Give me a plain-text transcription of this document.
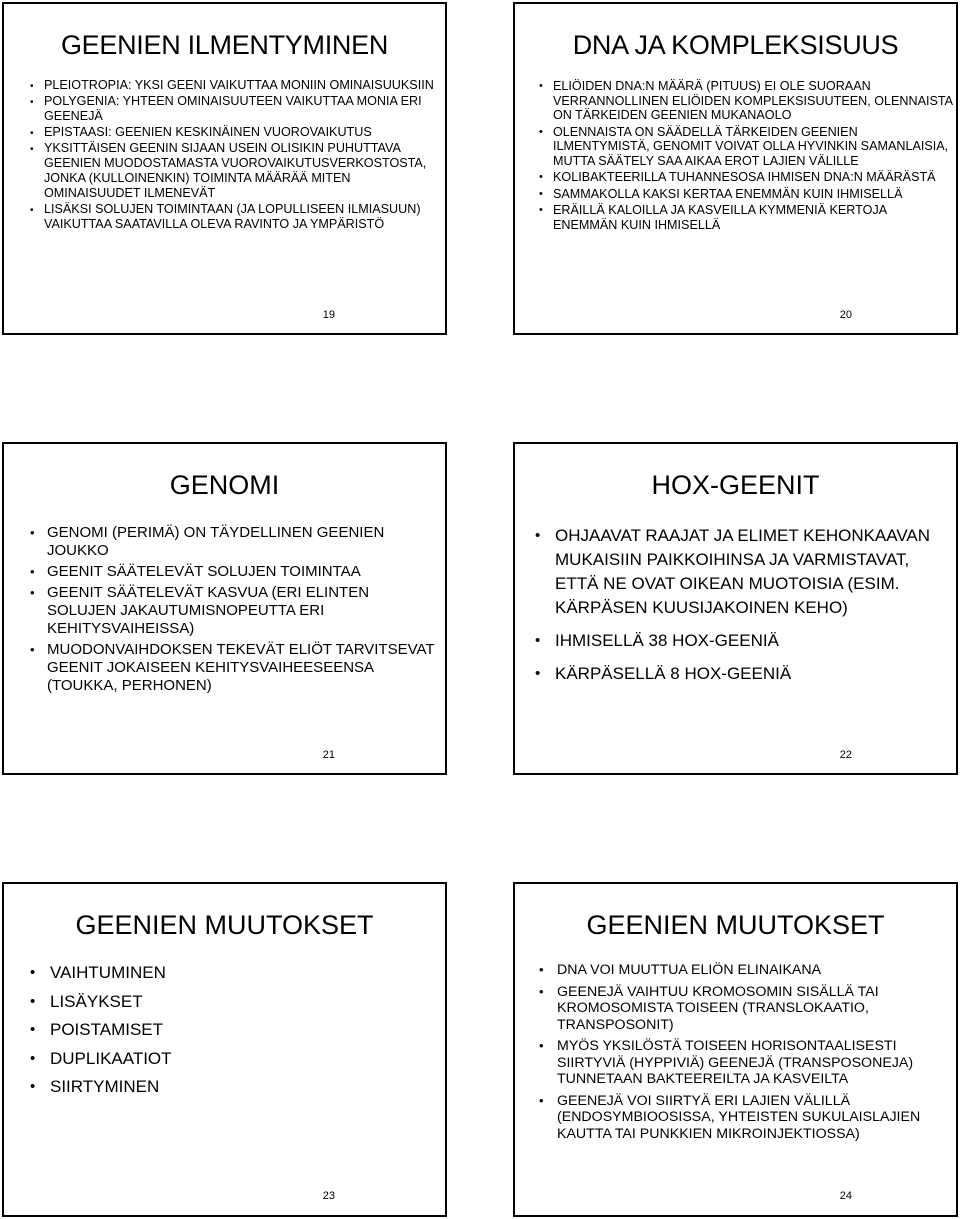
GEENIEN ILMENTYMINEN
• PLEIOTROPIA: YKSI GEENI VAIKUTTAA MONIIN OMINAISUUKSIIN
• POLYGENIA: YHTEEN OMINAISUUTEEN VAIKUTTAA MONIA ERI GEENEJÄ
• EPISTAASI: GEENIEN KESKINÄINEN VUOROVAIKUTUS
• YKSITTÄISEN GEENIN SIJAAN USEIN OLISIKIN PUHUTTAVA GEENIEN MUODOSTAMASTA VUOROVAIKUTUSVERKOSTOSTA, JONKA (KULLOINENKIN) TOIMINTA MÄÄRÄÄ MITEN OMINAISUUDET ILMENEVÄT
• LISÄKSI SOLUJEN TOIMINTAAN (JA LOPULLISEEN ILMIASUUN) VAIKUTTAA SAATAVILLA OLEVA RAVINTO JA YMPÄRISTÖ
19
DNA JA KOMPLEKSISUUS
• ELIÖIDEN DNA:N MÄÄRÄ (PITUUS) EI OLE SUORAAN VERRANNOLLINEN ELIÖIDEN KOMPLEKSISUUTEEN, OLENNAISTA ON TÄRKEIDEN GEENIEN MUKANAOLO
• OLENNAISTA ON SÄÄDELLÄ TÄRKEIDEN GEENIEN ILMENTYMISTÄ, GENOMIT VOIVAT OLLA HYVINKIN SAMANLAISIA, MUTTA SÄÄTELY SAA AIKAA EROT LAJIEN VÄLILLE
• KOLIBAKTEERILLA TUHANNESOSA IHMISEN DNA:N MÄÄRÄSTÄ
• SAMMAKOLLA KAKSI KERTAA ENEMMÄN KUIN IHMISELLÄ
• ERÄILLÄ KALOILLA JA KASVEILLA KYMMENIÄ KERTOJA ENEMMÄN KUIN IHMISELLÄ
20
GENOMI
• GENOMI (PERIMÄ) ON TÄYDELLINEN GEENIEN JOUKKO
• GEENIT SÄÄTELEVÄT SOLUJEN TOIMINTAA
• GEENIT SÄÄTELEVÄT KASVUA (ERI ELINTEN SOLUJEN JAKAUTUMISNOPEUTTA ERI KEHITYSVAIHEISSA)
• MUODONVAIHDOKSEN TEKEVÄT ELIÖT TARVITSEVAT GEENIT JOKAISEEN KEHITYSVAIHEESEENSA (TOUKKA, PERHONEN)
21
HOX-GEENIT
• OHJAAVAT RAAJAT JA ELIMET KEHONKAAVAN MUKAISIIN PAIKKOIHINSA JA VARMISTAVAT, ETTÄ NE OVAT OIKEAN MUOTOISIA (ESIM. KÄRPÄSEN KUUSIJAKOINEN KEHO)
• IHMISELLÄ 38 HOX-GEENIÄ
• KÄRPÄSELLÄ 8 HOX-GEENIÄ
22
GEENIEN MUUTOKSET
• VAIHTUMINEN
• LISÄYKSET
• POISTAMISET
• DUPLIKAATIOT
• SIIRTYMINEN
23
GEENIEN MUUTOKSET
• DNA VOI MUUTTUA ELIÖN ELINAIKANA
• GEENEJÄ VAIHTUU KROMOSOMIN SISÄLLÄ TAI KROMOSOMISTA TOISEEN (TRANSLOKAATIO, TRANSPOSONIT)
• MYÖS YKSILÖSTÄ TOISEEN HORISONTAALISESTI SIIRTYVIÄ (HYPPIVIÄ) GEENEJÄ (TRANSPOSONEJA) TUNNETAAN BAKTEEREILTA JA KASVEILTA
• GEENEJÄ VOI SIIRTYÄ ERI LAJIEN VÄLILLÄ (ENDOSYMBIOOSISSA, YHTEISTEN SUKULAISLAJIEN KAUTTA TAI PUNKKIEN MIKROINJEKTIOSSA)
24
